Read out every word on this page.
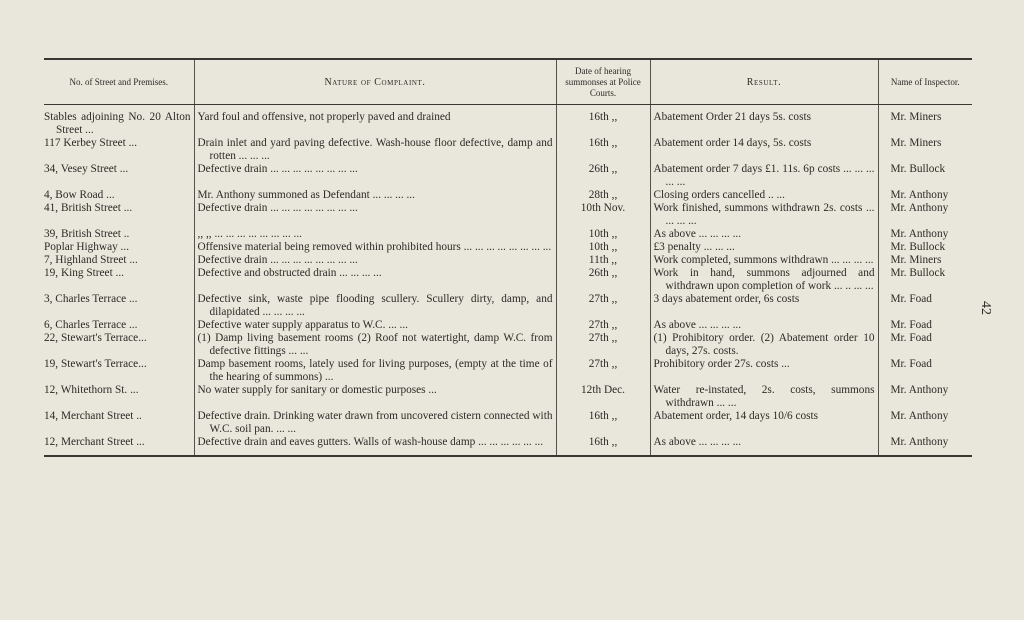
No. of Street and Premises.	Nature of Complaint.	Date of hearing summonses at Police Courts.	Result.	Name of Inspector.

Stables adjoining No. 20 Alton Street ...	Yard foul and offensive, not properly paved and drained	16th ,,	Abatement Order 21 days 5s. costs	Mr. Miners

117 Kerbey Street ...	Drain inlet and yard paving defective. Wash-house floor defective, damp and rotten ... ... ...	16th ,,	Abatement order 14 days, 5s. costs	Mr. Miners

34, Vesey Street ...	Defective drain ... ... ... ... ... ... ... ...	26th ,,	Abatement order 7 days £1. 11s. 6p costs ... ... ... ... ...	Mr. Bullock

4, Bow Road ...	Mr. Anthony summoned as Defendant ... ... ... ...	28th ,,	Closing orders cancelled .. ...	Mr. Anthony

41, British Street ...	Defective drain ... ... ... ... ... ... ... ...	10th Nov.	Work finished, summons withdrawn 2s. costs ... ... ... ...	Mr. Anthony

39, British Street ..	,, ,, ... ... ... ... ... ... ... ...	10th ,,	As above ... ... ... ...	Mr. Anthony

Poplar Highway ...	Offensive material being removed within prohibited hours ... ... ... ... ... ... ... ...	10th ,,	£3 penalty ... ... ...	Mr. Bullock

7, Highland Street ...	Defective drain ... ... ... ... ... ... ... ...	11th ,,	Work completed, summons withdrawn ... ... ... ...	Mr. Miners

19, King Street ...	Defective and obstructed drain ... ... ... ...	26th ,,	Work in hand, summons adjourned and withdrawn upon completion of work ... .. ... ...	Mr. Bullock

3, Charles Terrace ...	Defective sink, waste pipe flooding scullery. Scullery dirty, damp, and dilapidated ... ... ... ...	27th ,,	3 days abatement order, 6s costs	Mr. Foad

6, Charles Terrace ...	Defective water supply apparatus to W.C. ... ...	27th ,,	As above ... ... ... ...	Mr. Foad

22, Stewart's Terrace...	(1) Damp living basement rooms (2) Roof not watertight, damp W.C. from defective fittings ... ...	27th ,,	(1) Prohibitory order. (2) Abatement order 10 days, 27s. costs.	Mr. Foad

19, Stewart's Terrace...	Damp basement rooms, lately used for living purposes, (empty at the time of the hearing of summons) ...	27th ,,	Prohibitory order 27s. costs ...	Mr. Foad

12, Whitethorn St. ...	No water supply for sanitary or domestic purposes ...	12th Dec.	Water re-instated, 2s. costs, summons withdrawn ... ...	Mr. Anthony

14, Merchant Street ..	Defective drain. Drinking water drawn from uncovered cistern connected with W.C. soil pan. ... ...	16th ,,	Abatement order, 14 days 10/6 costs	Mr. Anthony

12, Merchant Street ...	Defective drain and eaves gutters. Walls of wash-house damp ... ... ... ... ... ...	16th ,,	As above ... ... ... ...	Mr. Anthony

42
